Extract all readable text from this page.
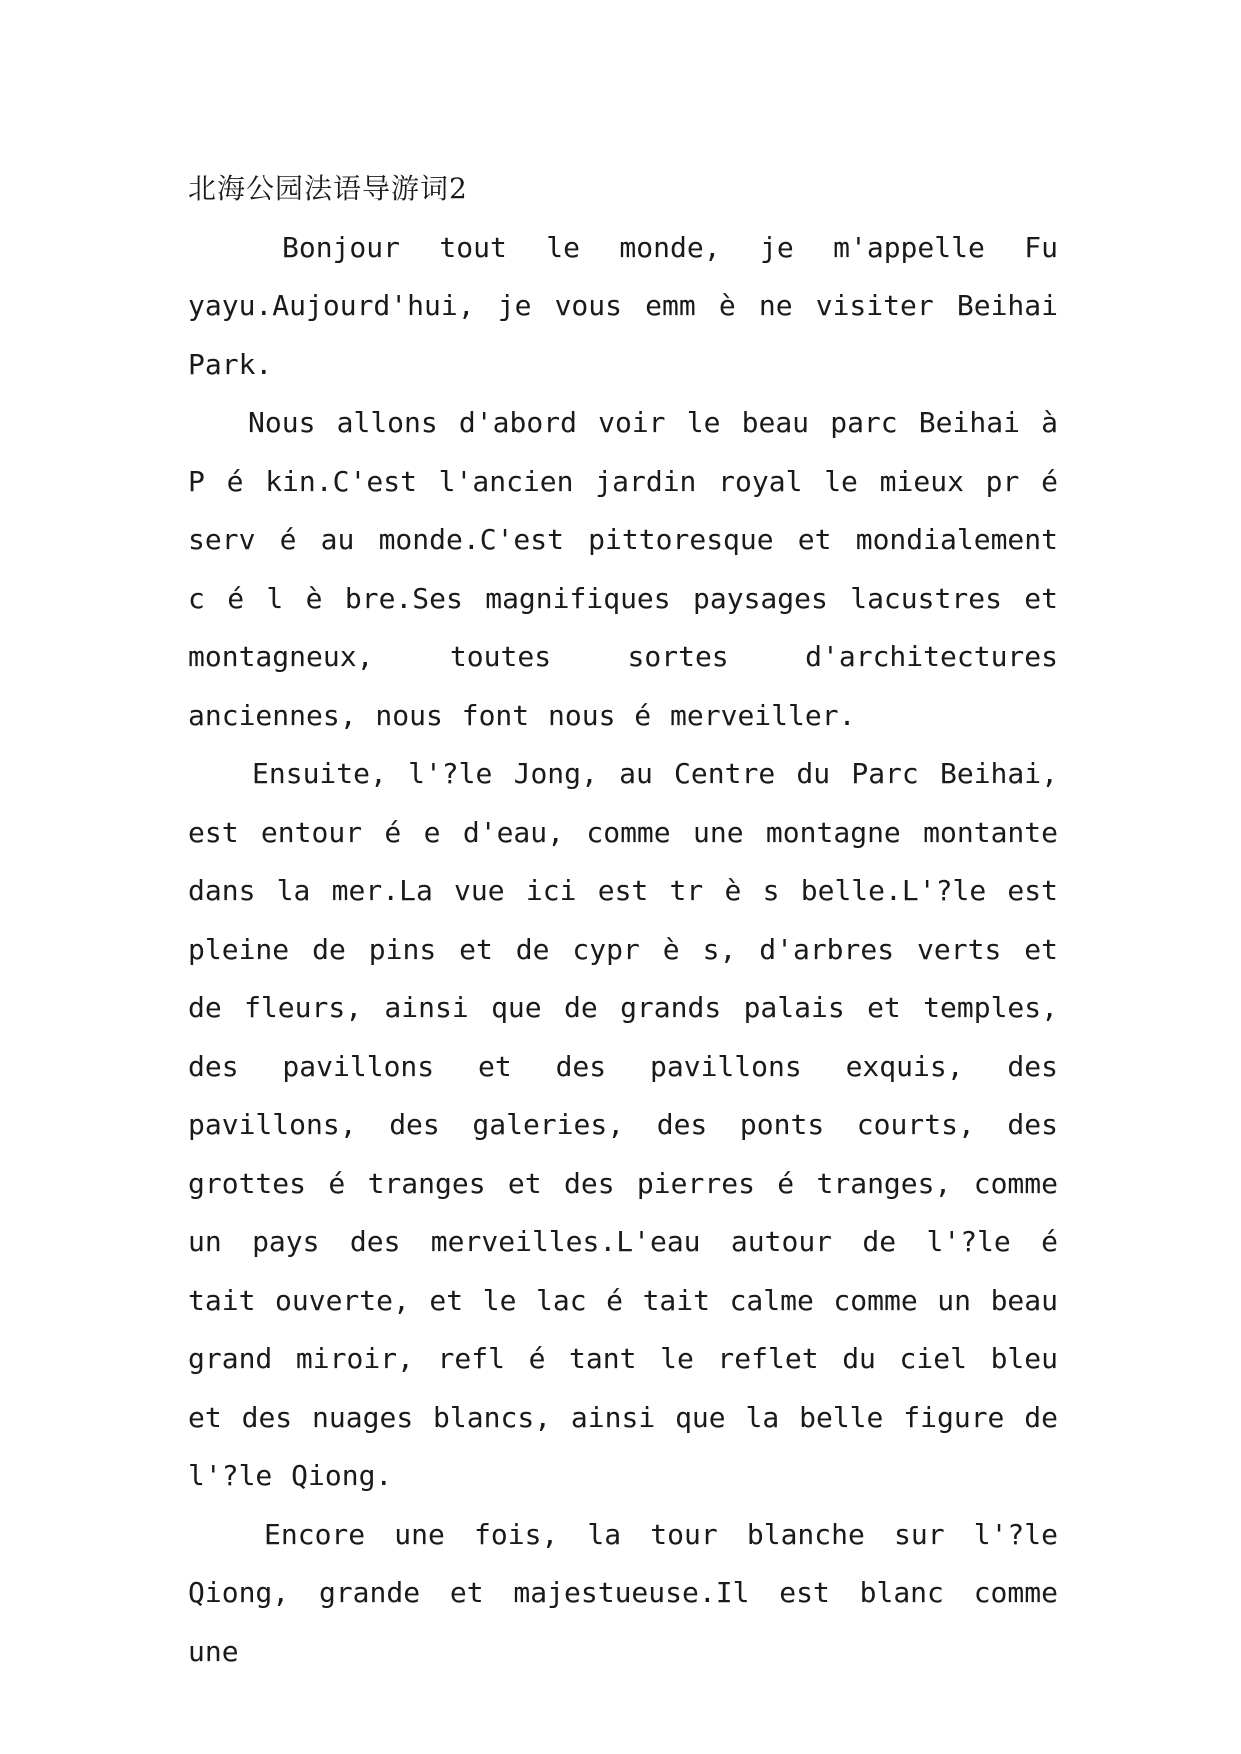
北海公园法语导游词2

Bonjour tout le monde, je m'appelle Fu yayu.Aujourd'hui, je vous emm è ne visiter Beihai Park.

Nous allons d'abord voir le beau parc Beihai à P é kin.C'est l'ancien jardin royal le mieux pr é serv é au monde.C'est pittoresque et mondialement c é l è bre.Ses magnifiques paysages lacustres et montagneux, toutes sortes d'architectures anciennes, nous font nous é merveiller.

Ensuite, l'?le Jong, au Centre du Parc Beihai, est entour é e d'eau, comme une montagne montante dans la mer.La vue ici est tr è s belle.L'?le est pleine de pins et de cypr è s, d'arbres verts et de fleurs, ainsi que de grands palais et temples, des pavillons et des pavillons exquis, des pavillons, des galeries, des ponts courts, des grottes é tranges et des pierres é tranges, comme un pays des merveilles.L'eau autour de l'?le é tait ouverte, et le lac é tait calme comme un beau grand miroir, refl é tant le reflet du ciel bleu et des nuages blancs, ainsi que la belle figure de l'?le Qiong.

Encore une fois, la tour blanche sur l'?le Qiong, grande et majestueuse.Il est blanc comme une
